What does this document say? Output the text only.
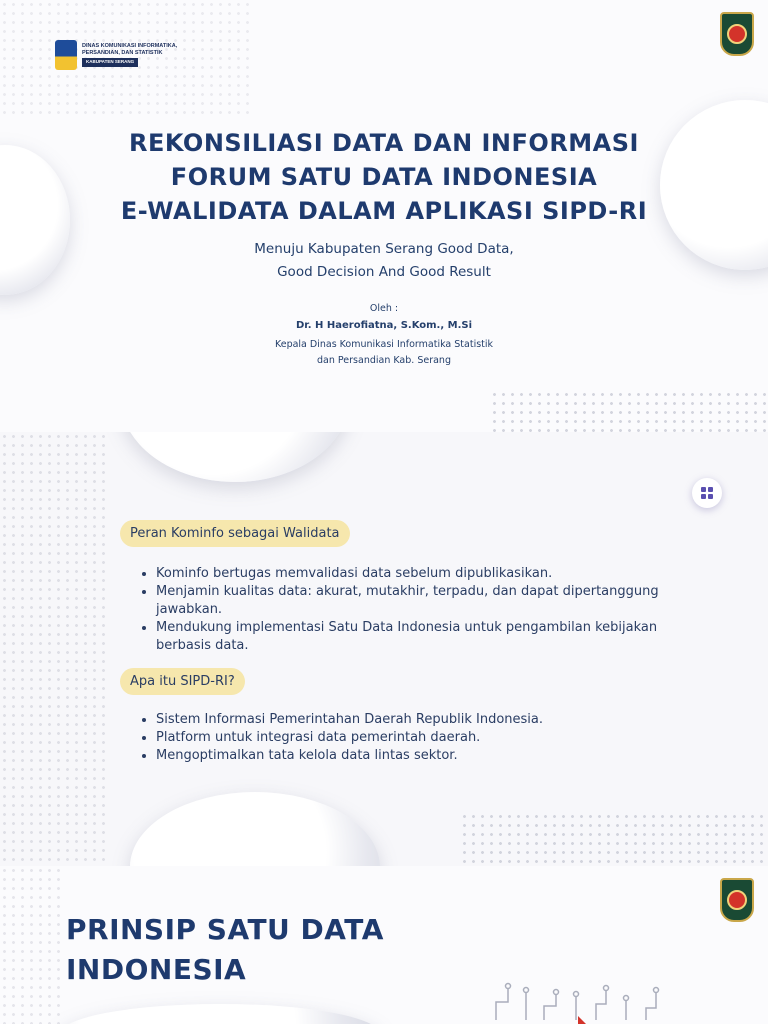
DINAS KOMUNIKASI INFORMATIKA,
PERSANDIAN, DAN STATISTIK
KABUPATEN SERANG
REKONSILIASI DATA DAN INFORMASI
FORUM SATU DATA INDONESIA
E-WALIDATA DALAM APLIKASI SIPD-RI
Menuju Kabupaten Serang Good Data,
Good Decision And Good Result
Oleh :
Dr. H Haerofiatna, S.Kom., M.Si
Kepala Dinas Komunikasi Informatika Statistik
dan Persandian Kab. Serang
Peran Kominfo sebagai Walidata
• Kominfo bertugas memvalidasi data sebelum dipublikasikan.
• Menjamin kualitas data: akurat, mutakhir, terpadu, dan dapat dipertanggung jawabkan.
• Mendukung implementasi Satu Data Indonesia untuk pengambilan kebijakan berbasis data.
Apa itu SIPD-RI?
• Sistem Informasi Pemerintahan Daerah Republik Indonesia.
• Platform untuk integrasi data pemerintah daerah.
• Mengoptimalkan tata kelola data lintas sektor.
PRINSIP SATU DATA
INDONESIA
